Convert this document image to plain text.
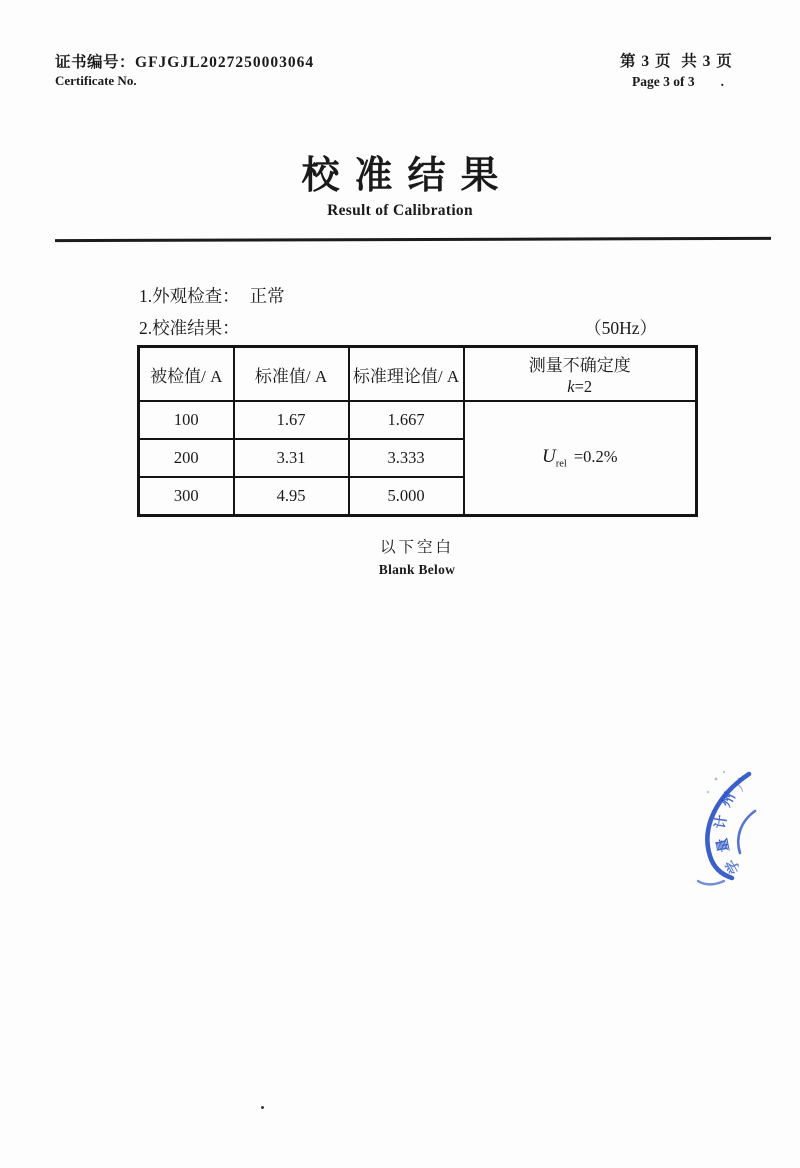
证书编号：GFJGJL2027250003064
Certificate No.
第 3 页  共 3 页
Page 3 of 3 .
校准结果
Result of Calibration
1.外观检查： 正常
2.校准结果：	（50Hz）
被检值/ A	标准值/ A	标准理论值/ A	测量不确定度
k=2

100	1.67	1.667	$U_{rel} =0.2\%$
200	3.31	3.333	
300	4.95	5.000	
以下空白
Blank Below
广
州
计
量
学
